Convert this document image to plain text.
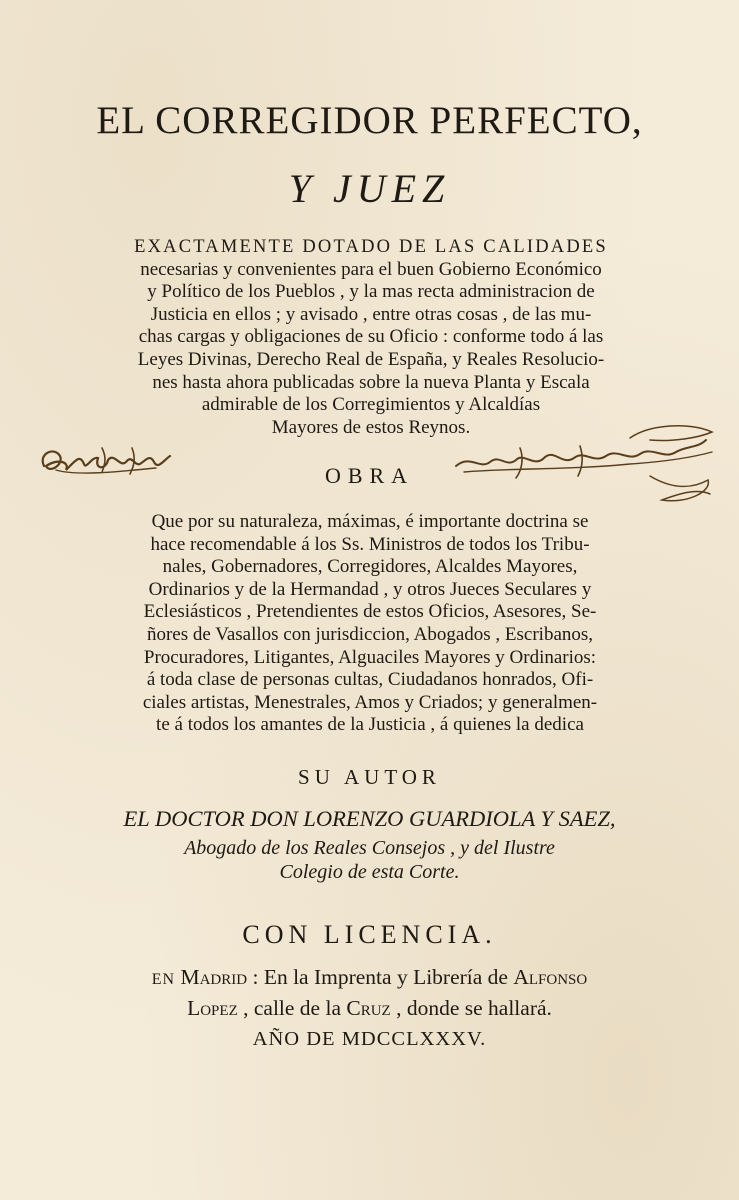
EL CORREGIDOR PERFECTO,
Y JUEZ
EXACTAMENTE DOTADO DE LAS CALIDADES
necesarias y convenientes para el buen Gobierno Económico
y Político de los Pueblos , y la mas recta administracion de
Justicia en ellos ; y avisado , entre otras cosas , de las mu-
chas cargas y obligaciones de su Oficio : conforme todo á las
Leyes Divinas, Derecho Real de España, y Reales Resolucio-
nes hasta ahora publicadas sobre la nueva Planta y Escala
admirable de los Corregimientos y Alcaldías
Mayores de estos Reynos.
OBRA
Que por su naturaleza, máximas, é importante doctrina se
hace recomendable á los Ss. Ministros de todos los Tribu-
nales, Gobernadores, Corregidores, Alcaldes Mayores,
Ordinarios y de la Hermandad , y otros Jueces Seculares y
Eclesiásticos , Pretendientes de estos Oficios, Asesores, Se-
ñores de Vasallos con jurisdiccion, Abogados , Escribanos,
Procuradores, Litigantes, Alguaciles Mayores y Ordinarios:
á toda clase de personas cultas, Ciudadanos honrados, Ofi-
ciales artistas, Menestrales, Amos y Criados; y generalmen-
te á todos los amantes de la Justicia , á quienes la dedica
SU AUTOR
EL DOCTOR DON LORENZO GUARDIOLA Y SAEZ,
Abogado de los Reales Consejos , y del Ilustre
Colegio de esta Corte.
CON LICENCIA.
EN Madrid : En la Imprenta y Librería de Alfonso
Lopez , calle de la Cruz , donde se hallará.
AÑO DE MDCCLXXXV.
